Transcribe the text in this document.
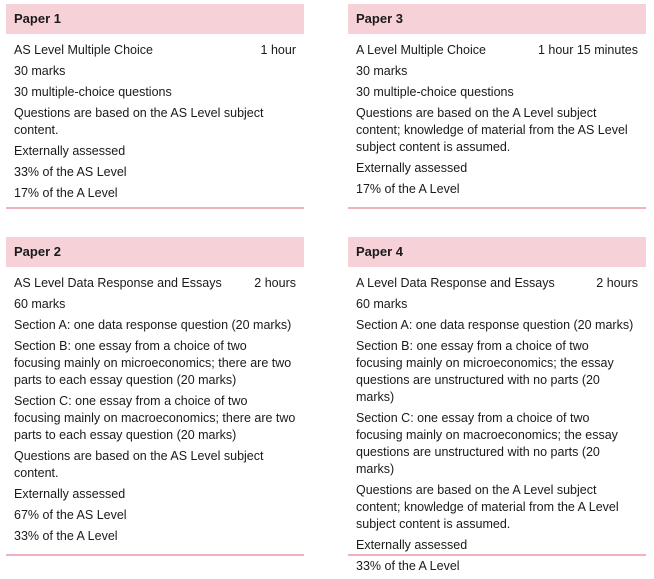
Paper 1
AS Level Multiple Choice	1 hour
30 marks
30 multiple-choice questions
Questions are based on the AS Level subject content.
Externally assessed
33% of the AS Level
17% of the A Level
Paper 3
A Level Multiple Choice	1 hour 15 minutes
30 marks
30 multiple-choice questions
Questions are based on the A Level subject content; knowledge of material from the AS Level subject content is assumed.
Externally assessed
17% of the A Level
Paper 2
AS Level Data Response and Essays	2 hours
60 marks
Section A: one data response question (20 marks)
Section B: one essay from a choice of two focusing mainly on microeconomics; there are two parts to each essay question (20 marks)
Section C: one essay from a choice of two focusing mainly on macroeconomics; there are two parts to each essay question (20 marks)
Questions are based on the AS Level subject content.
Externally assessed
67% of the AS Level
33% of the A Level
Paper 4
A Level Data Response and Essays	2 hours
60 marks
Section A: one data response question (20 marks)
Section B: one essay from a choice of two focusing mainly on microeconomics; the essay questions are unstructured with no parts (20 marks)
Section C: one essay from a choice of two focusing mainly on macroeconomics; the essay questions are unstructured with no parts (20 marks)
Questions are based on the A Level subject content; knowledge of material from the A Level subject content is assumed.
Externally assessed
33% of the A Level
